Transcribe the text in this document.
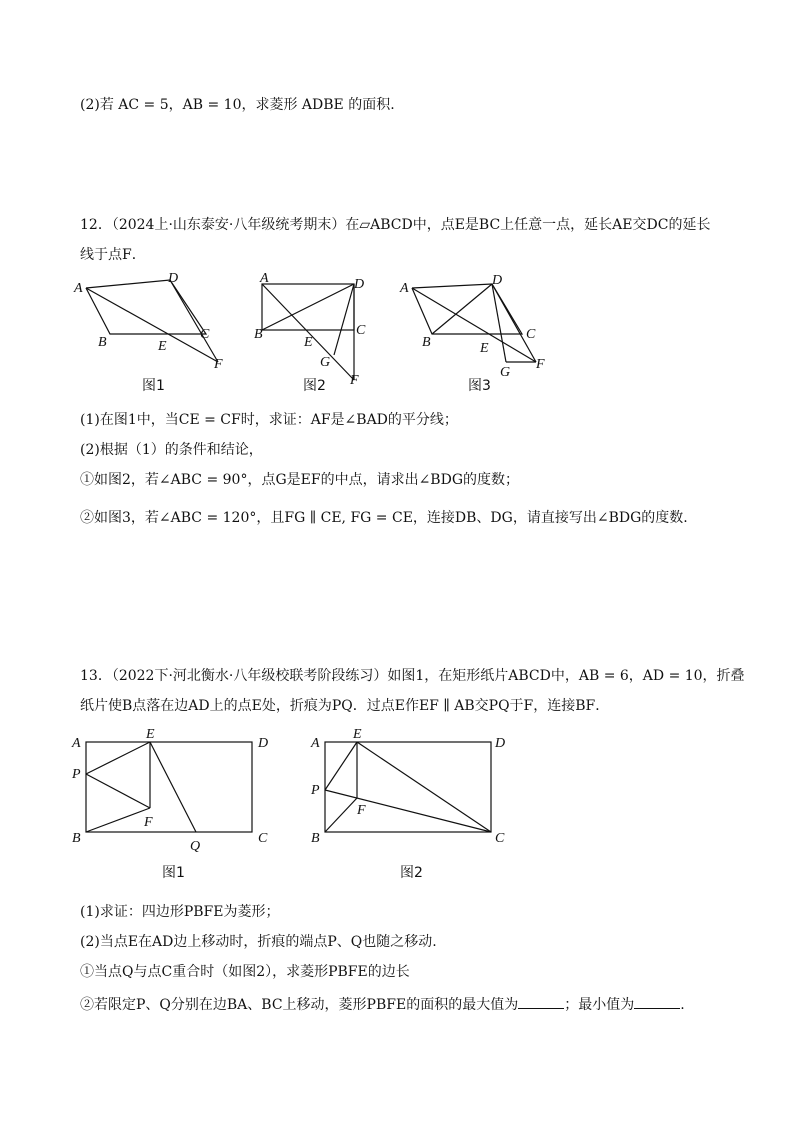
(2)若 AC = 5，AB = 10，求菱形 ADBE 的面积.
12．（2024上·山东泰安·八年级统考期末）在▱ABCD中，点E是BC上任意一点，延长AE交DC的延长
线于点F．
A
D
B	E
C
F
图1
A	D
B
E
C
G
F
图2
A
D
B	E
C
G
F
图3
(1)在图1中，当CE = CF时，求证：AF是∠BAD的平分线；
(2)根据（1）的条件和结论，
①如图2，若∠ABC = 90°，点G是EF的中点，请求出∠BDG的度数；
②如图3，若∠ABC = 120°，且FG ∥ CE, FG = CE，连接DB、DG，请直接写出∠BDG的度数.
13．（2022下·河北衡水·八年级校联考阶段练习）如图1，在矩形纸片ABCD中，AB = 6，AD = 10，折叠
纸片使B点落在边AD上的点E处，折痕为PQ．过点E作EF ∥ AB交PQ于F，连接BF．
A
E
D
P
F
B
Q
C
图1
A
E
D
P
F
B	C
图2
(1)求证：四边形PBFE为菱形；
(2)当点E在AD边上移动时，折痕的端点P、Q也随之移动.
①当点Q与点C重合时（如图2），求菱形PBFE的边长
②若限定P、Q分别在边BA、BC上移动，菱形PBFE的面积的最大值为	；最小值为	.
